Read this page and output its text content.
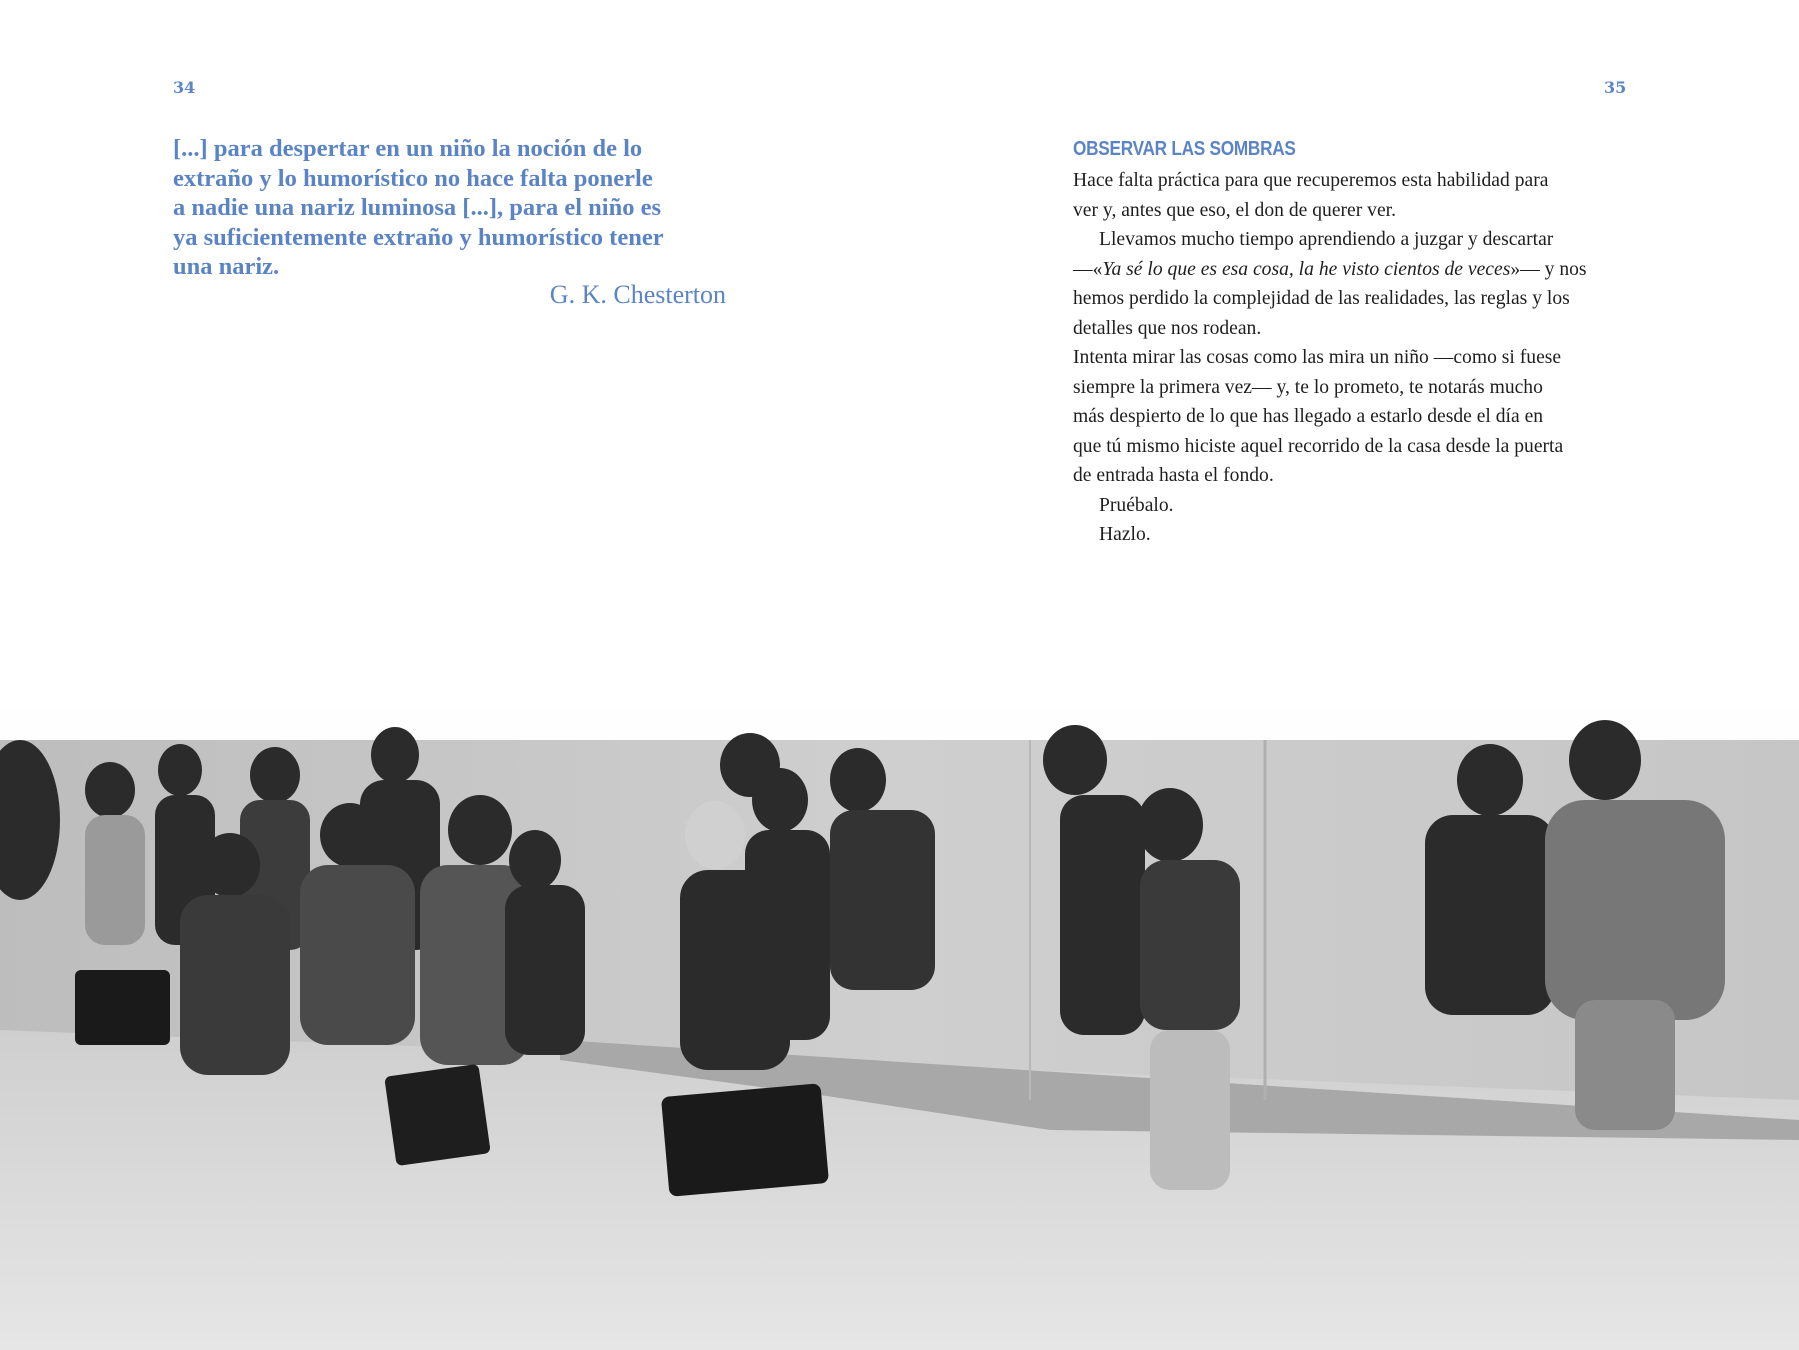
34	35
[...] para despertar en un niño la noción de lo
extraño y lo humorístico no hace falta ponerle
a nadie una nariz luminosa [...], para el niño es
ya suficientemente extraño y humorístico tener
una nariz.
G. K. Chesterton
OBSERVAR LAS SOMBRAS

Hace falta práctica para que recuperemos esta habilidad para

ver y, antes que eso, el don de querer ver.

Llevamos mucho tiempo aprendiendo a juzgar y descartar

—«Ya sé lo que es esa cosa, la he visto cientos de veces»— y nos

hemos perdido la complejidad de las realidades, las reglas y los

detalles que nos rodean.

Intenta mirar las cosas como las mira un niño —como si fuese

siempre la primera vez— y, te lo prometo, te notarás mucho

más despierto de lo que has llegado a estarlo desde el día en

que tú mismo hiciste aquel recorrido de la casa desde la puerta

de entrada hasta el fondo.

Pruébalo.

Hazlo.
